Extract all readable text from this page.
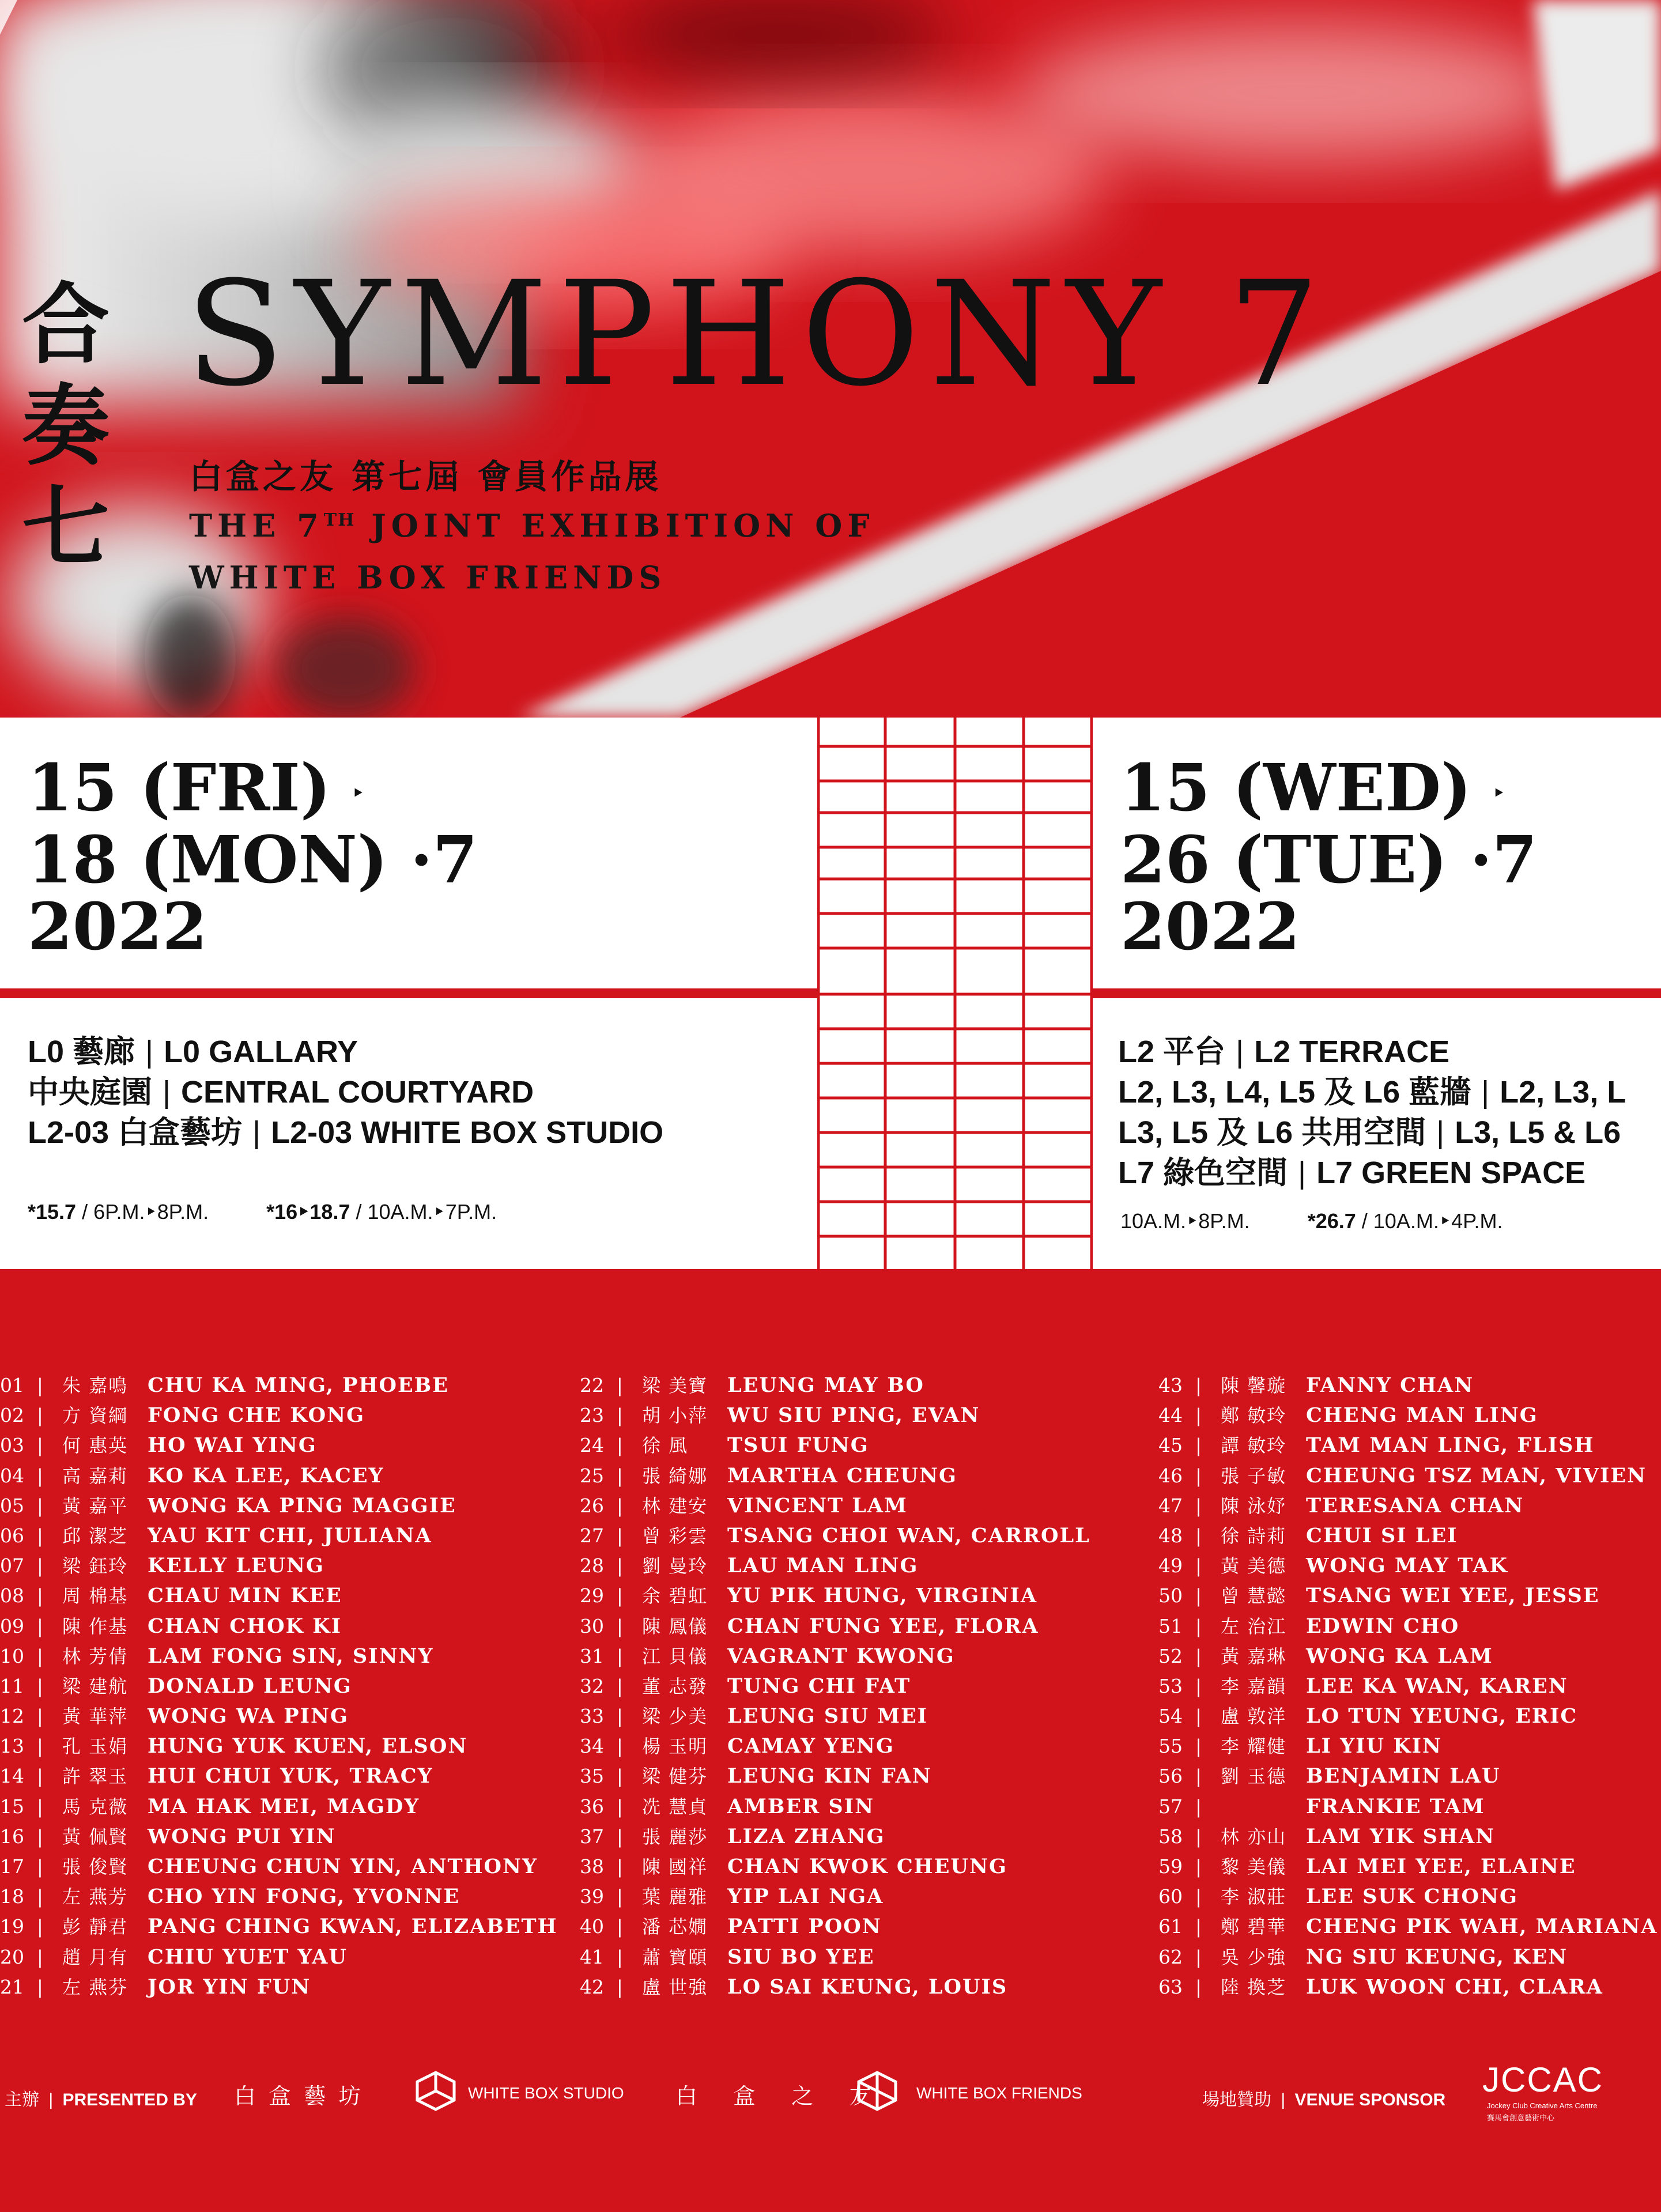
合
奏
七
SYMPHONY 7
白盒之友 第七屆 會員作品展
THE 7TH JOINT EXHIBITION OF
WHITE BOX FRIENDS
15 (FRI) ‣
18 (MON) ·7
2022
15 (WED) ‣
26 (TUE) ·7
2022
L0 藝廊 | L0 GALLARY
中央庭園 | CENTRAL COURTYARD
L2-03 白盒藝坊 | L2-03 WHITE BOX STUDIO
*15.7 / 6P.M.‣8P.M.	*16‣18.7 / 10A.M.‣7P.M.
L2 平台 | L2 TERRACE
L2, L3, L4, L5 及 L6 藍牆 | L2, L3, L
L3, L5 及 L6 共用空間 | L3, L5 & L6
L7 綠色空間 | L7 GREEN SPACE
10A.M.‣8P.M.	*26.7 / 10A.M.‣4P.M.
01 | 朱 嘉鳴 CHU KA MING, PHOEBE
02 | 方 資綱 FONG CHE KONG
03 | 何 惠英 HO WAI YING
04 | 高 嘉莉 KO KA LEE, KACEY
05 | 黃 嘉平 WONG KA PING MAGGIE
06 | 邱 潔芝 YAU KIT CHI, JULIANA
07 | 梁 鈺玲 KELLY LEUNG
08 | 周 棉基 CHAU MIN KEE
09 | 陳 作基 CHAN CHOK KI
10 | 林 芳倩 LAM FONG SIN, SINNY
11 | 梁 建航 DONALD LEUNG
12 | 黃 華萍 WONG WA PING
13 | 孔 玉娟 HUNG YUK KUEN, ELSON
14 | 許 翠玉 HUI CHUI YUK, TRACY
15 | 馬 克薇 MA HAK MEI, MAGDY
16 | 黃 佩賢 WONG PUI YIN
17 | 張 俊賢 CHEUNG CHUN YIN, ANTHONY
18 | 左 燕芳 CHO YIN FONG, YVONNE
19 | 彭 靜君 PANG CHING KWAN, ELIZABETH
20 | 趙 月有 CHIU YUET YAU
21 | 左 燕芬 JOR YIN FUN
22 | 梁 美寶 LEUNG MAY BO
23 | 胡 小萍 WU SIU PING, EVAN
24 | 徐 風 TSUI FUNG
25 | 張 綺娜 MARTHA CHEUNG
26 | 林 建安 VINCENT LAM
27 | 曾 彩雲 TSANG CHOI WAN, CARROLL
28 | 劉 曼玲 LAU MAN LING
29 | 余 碧虹 YU PIK HUNG, VIRGINIA
30 | 陳 鳳儀 CHAN FUNG YEE, FLORA
31 | 江 貝儀 VAGRANT KWONG
32 | 董 志發 TUNG CHI FAT
33 | 梁 少美 LEUNG SIU MEI
34 | 楊 玉明 CAMAY YENG
35 | 梁 健芬 LEUNG KIN FAN
36 | 冼 慧貞 AMBER SIN
37 | 張 麗莎 LIZA ZHANG
38 | 陳 國祥 CHAN KWOK CHEUNG
39 | 葉 麗雅 YIP LAI NGA
40 | 潘 芯嫺 PATTI POON
41 | 蕭 寶頤 SIU BO YEE
42 | 盧 世強 LO SAI KEUNG, LOUIS
43 | 陳 馨璇 FANNY CHAN
44 | 鄭 敏玲 CHENG MAN LING
45 | 譚 敏玲 TAM MAN LING, FLISH
46 | 張 子敏 CHEUNG TSZ MAN, VIVIEN
47 | 陳 泳妤 TERESANA CHAN
48 | 徐 詩莉 CHUI SI LEI
49 | 黃 美德 WONG MAY TAK
50 | 曾 慧懿 TSANG WEI YEE, JESSE
51 | 左 治江 EDWIN CHO
52 | 黃 嘉琳 WONG KA LAM
53 | 李 嘉韻 LEE KA WAN, KAREN
54 | 盧 敦洋 LO TUN YEUNG, ERIC
55 | 李 耀健 LI YIU KIN
56 | 劉 玉德 BENJAMIN LAU
57 |	FRANKIE TAM
58 | 林 亦山 LAM YIK SHAN
59 | 黎 美儀 LAI MEI YEE, ELAINE
60 | 李 淑莊 LEE SUK CHONG
61 | 鄭 碧華 CHENG PIK WAH, MARIANA
62 | 吳 少強 NG SIU KEUNG, KEN
63 | 陸 換芝 LUK WOON CHI, CLARA
主辦 | PRESENTED BY 白 盒 藝 坊	WHITE BOX STUDIO 白 盒 之 友 WHITE BOX FRIENDS	場地贊助 | VENUE SPONSOR
JCCAC
Jockey Club Creative Arts Centre
賽馬會創意藝術中心
